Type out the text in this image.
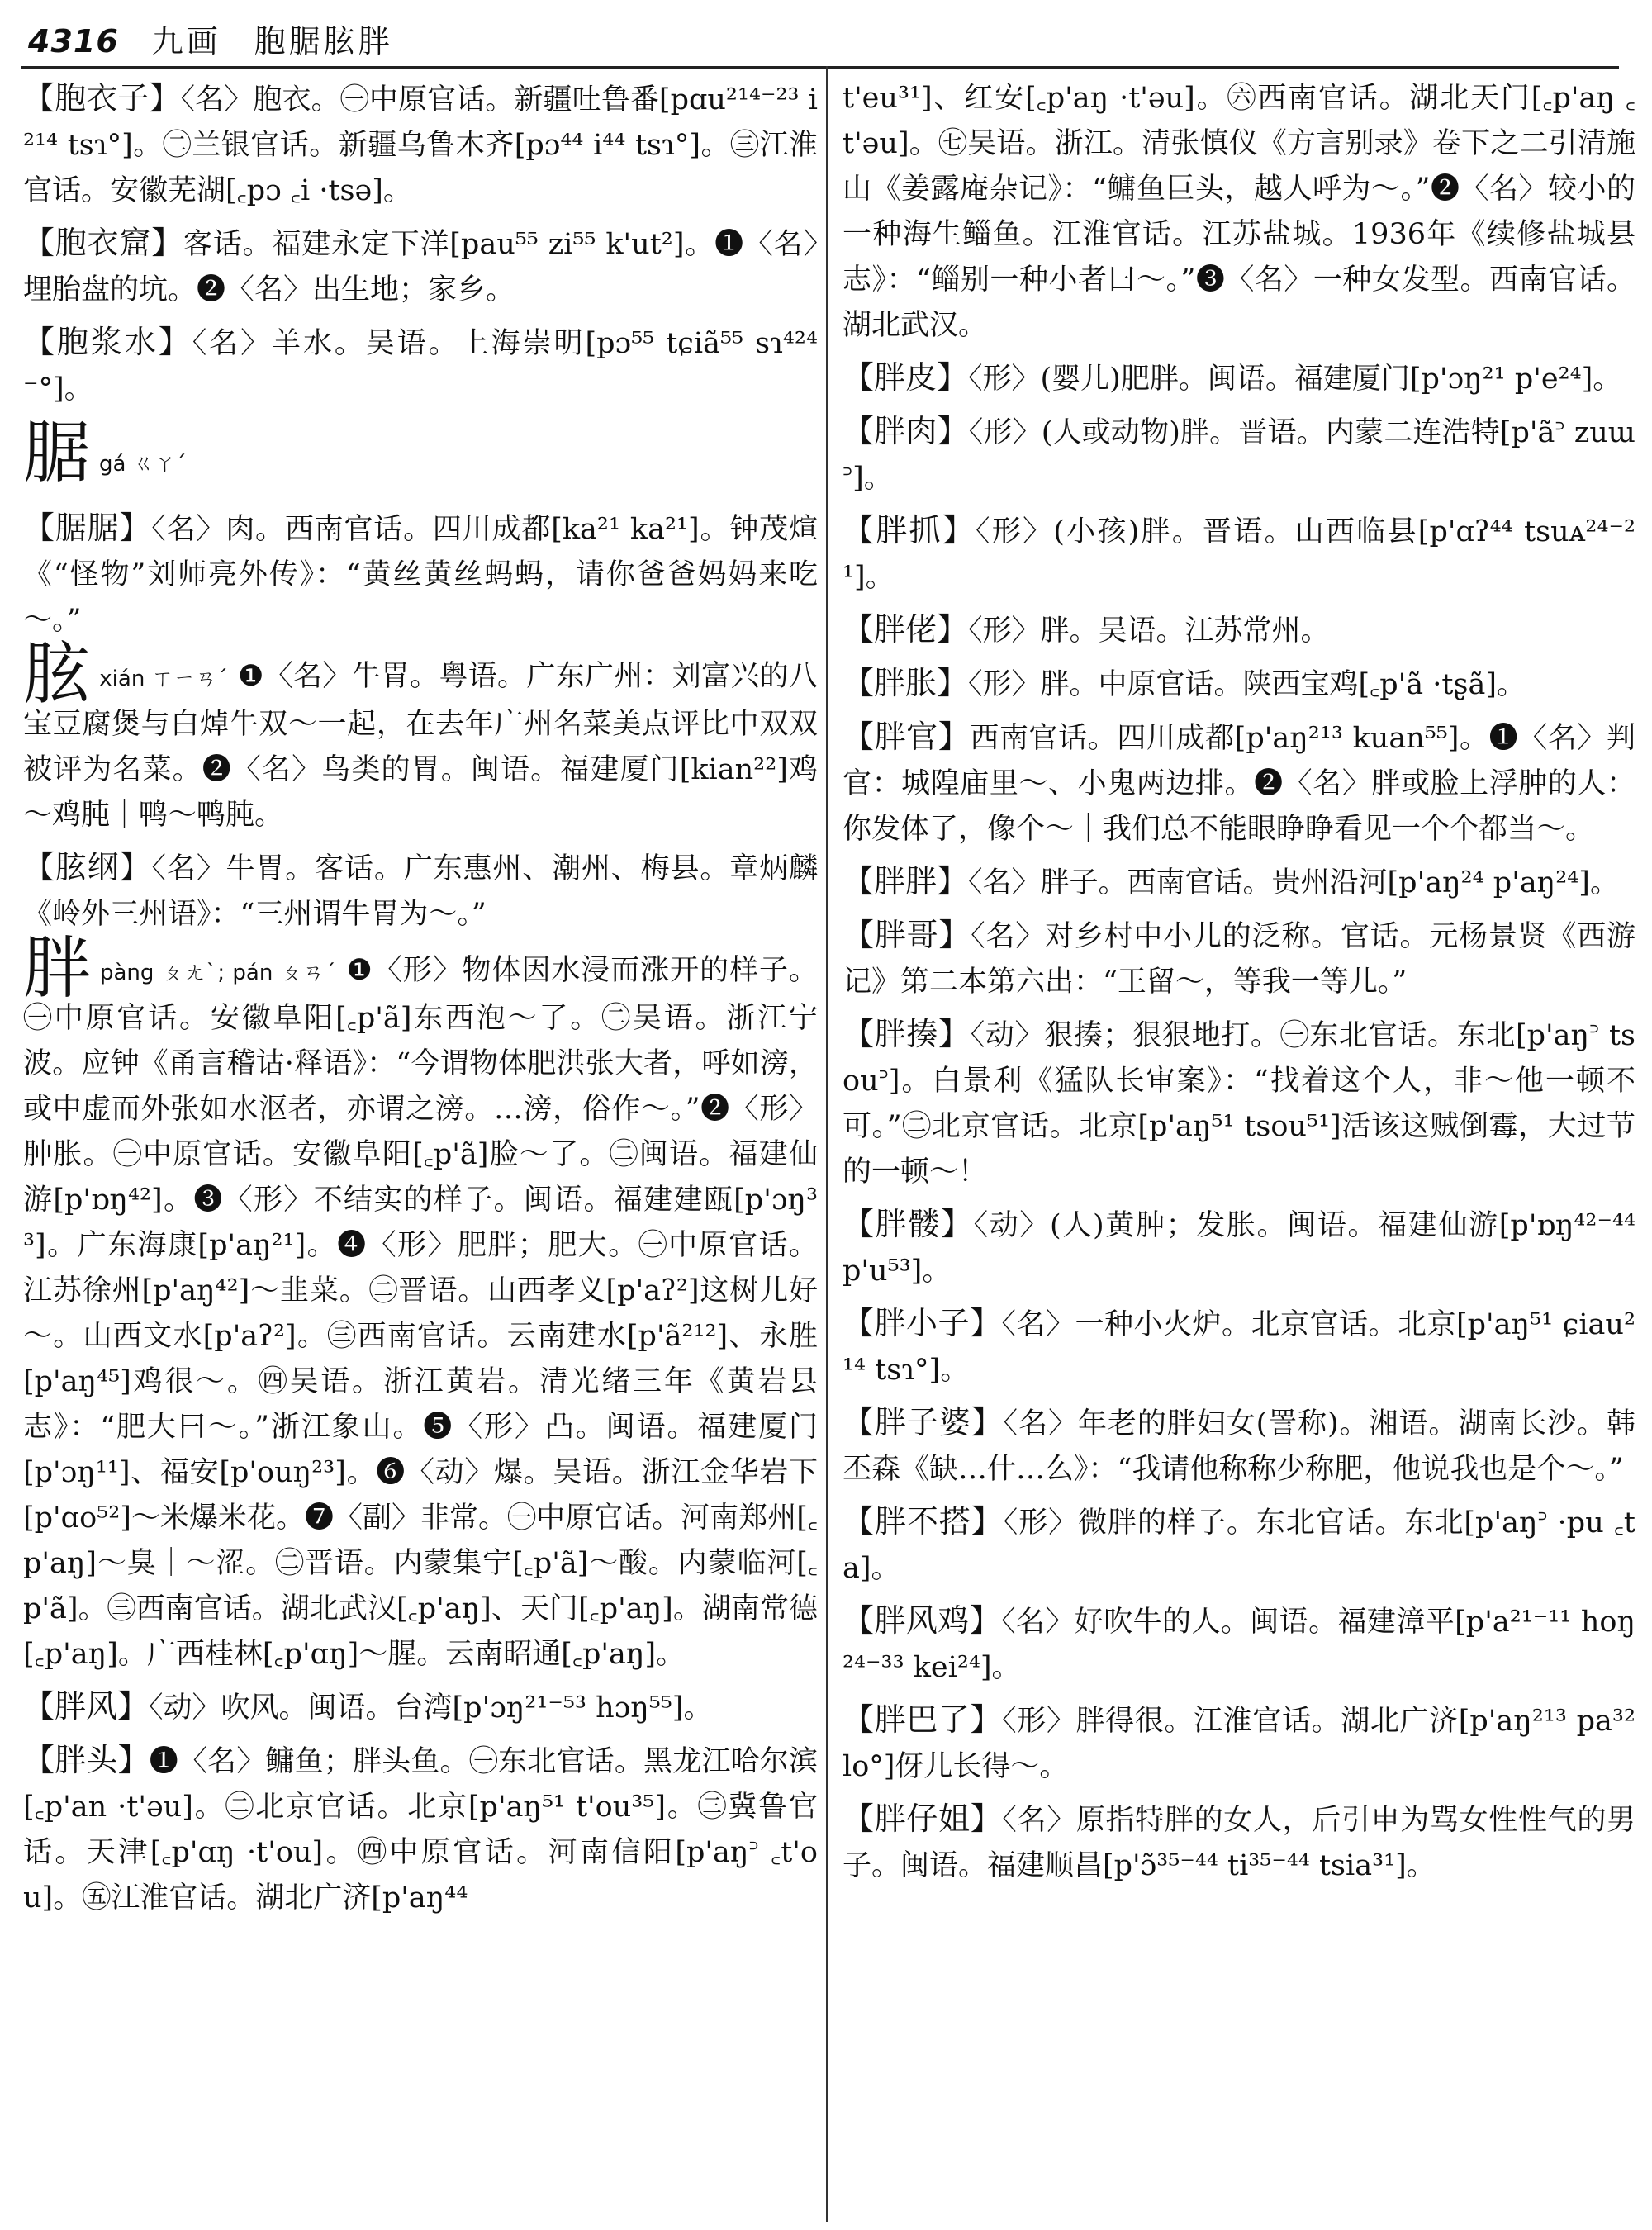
4316 九画 胞腒胘胖
【胞衣子】〈名〉胞衣。㊀中原官话。新疆吐鲁番[pɑu²¹⁴⁻²³ i²¹⁴ tsɿ°]。㊁兰银官话。新疆乌鲁木齐[pɔ⁴⁴ i⁴⁴ tsɿ°]。㊂江淮官话。安徽芜湖[꜀pɔ ꜀i ·tsə]。
【胞衣窟】客话。福建永定下洋[pau⁵⁵ zi⁵⁵ k'ut²]。❶〈名〉埋胎盘的坑。❷〈名〉出生地；家乡。
【胞浆水】〈名〉羊水。吴语。上海崇明[pɔ⁵⁵ tɕiã⁵⁵ sɿ⁴²⁴⁻°]。
腒gá ㄍㄚˊ
【腒腒】〈名〉肉。西南官话。四川成都[ka²¹ ka²¹]。钟茂煊《“怪物”刘师亮外传》：“黄丝黄丝蚂蚂，请你爸爸妈妈来吃～。”
胘xián ㄒㄧㄢˊ ❶〈名〉牛胃。粤语。广东广州：刘富兴的八宝豆腐煲与白焯牛双～一起，在去年广州名菜美点评比中双双被评为名菜。❷〈名〉鸟类的胃。闽语。福建厦门[kian²²]鸡～鸡肫｜鸭～鸭肫。
【胘纲】〈名〉牛胃。客话。广东惠州、潮州、梅县。章炳麟《岭外三州语》：“三州谓牛胃为～。”
胖pàng ㄆㄤˋ; pán ㄆㄢˊ ❶〈形〉物体因水浸而涨开的样子。㊀中原官话。安徽阜阳[꜀p'ã]东西泡～了。㊁吴语。浙江宁波。应钟《甬言稽诂·释语》：“今谓物体肥洪张大者，呼如滂，或中虚而外张如水沤者，亦谓之滂。…滂，俗作～。”❷〈形〉肿胀。㊀中原官话。安徽阜阳[꜀p'ã]脸～了。㊁闽语。福建仙游[p'ɒŋ⁴²]。❸〈形〉不结实的样子。闽语。福建建瓯[p'ɔŋ³³]。广东海康[p'aŋ²¹]。❹〈形〉肥胖；肥大。㊀中原官话。江苏徐州[p'aŋ⁴²]～韭菜。㊁晋语。山西孝义[p'aʔ²]这树儿好～。山西文水[p'aʔ²]。㊂西南官话。云南建水[p'ã²¹²]、永胜[p'aŋ⁴⁵]鸡很～。㊃吴语。浙江黄岩。清光绪三年《黄岩县志》：“肥大曰～。”浙江象山。❺〈形〉凸。闽语。福建厦门[p'ɔŋ¹¹]、福安[p'ouŋ²³]。❻〈动〉爆。吴语。浙江金华岩下[p'ɑo⁵²]～米爆米花。❼〈副〉非常。㊀中原官话。河南郑州[꜀p'aŋ]～臭｜～涩。㊁晋语。内蒙集宁[꜀p'ã]～酸。内蒙临河[꜀p'ã]。㊂西南官话。湖北武汉[꜀p'aŋ]、天门[꜀p'aŋ]。湖南常德[꜀p'aŋ]。广西桂林[꜀p'ɑŋ]～腥。云南昭通[꜀p'aŋ]。
【胖风】〈动〉吹风。闽语。台湾[p'ɔŋ²¹⁻⁵³ hɔŋ⁵⁵]。
【胖头】❶〈名〉鳙鱼；胖头鱼。㊀东北官话。黑龙江哈尔滨[꜀p'an ·t'əu]。㊁北京官话。北京[p'aŋ⁵¹ t'ou³⁵]。㊂冀鲁官话。天津[꜀p'ɑŋ ·t'ou]。㊃中原官话。河南信阳[p'aŋ꜄ ꜀t'ou]。㊄江淮官话。湖北广济[p'aŋ⁴⁴
t'eu³¹]、红安[꜀p'aŋ ·t'əu]。㊅西南官话。湖北天门[꜀p'aŋ ꜀t'əu]。㊆吴语。浙江。清张慎仪《方言别录》卷下之二引清施山《姜露庵杂记》：“鳙鱼巨头，越人呼为～。”❷〈名〉较小的一种海生鲻鱼。江淮官话。江苏盐城。1936年《续修盐城县志》：“鲻别一种小者曰～。”❸〈名〉一种女发型。西南官话。湖北武汉。
【胖皮】〈形〉(婴儿)肥胖。闽语。福建厦门[p'ɔŋ²¹ p'e²⁴]。
【胖肉】〈形〉(人或动物)胖。晋语。内蒙二连浩特[p'ã꜄ zuɯ꜄]。
【胖抓】〈形〉(小孩)胖。晋语。山西临县[p'ɑʔ⁴⁴ tsuᴀ²⁴⁻²¹]。
【胖佬】〈形〉胖。吴语。江苏常州。
【胖胀】〈形〉胖。中原官话。陕西宝鸡[꜀p'ã ·tʂã]。
【胖官】西南官话。四川成都[p'aŋ²¹³ kuan⁵⁵]。❶〈名〉判官：城隍庙里～、小鬼两边排。❷〈名〉胖或脸上浮肿的人：你发体了，像个～｜我们总不能眼睁睁看见一个个都当～。
【胖胖】〈名〉胖子。西南官话。贵州沿河[p'aŋ²⁴ p'aŋ²⁴]。
【胖哥】〈名〉对乡村中小儿的泛称。官话。元杨景贤《西游记》第二本第六出：“王留～，等我一等儿。”
【胖揍】〈动〉狠揍；狠狠地打。㊀东北官话。东北[p'aŋ꜄ tsou꜄]。白景利《猛队长审案》：“找着这个人，非～他一顿不可。”㊁北京官话。北京[p'aŋ⁵¹ tsou⁵¹]活该这贼倒霉，大过节的一顿～！
【胖髅】〈动〉(人)黄肿；发胀。闽语。福建仙游[p'ɒŋ⁴²⁻⁴⁴ p'u⁵³]。
【胖小子】〈名〉一种小火炉。北京官话。北京[p'aŋ⁵¹ ɕiau²¹⁴ tsɿ°]。
【胖子婆】〈名〉年老的胖妇女(詈称)。湘语。湖南长沙。韩丕森《缺…什…么》：“我请他称称少称肥，他说我也是个～。”
【胖不搭】〈形〉微胖的样子。东北官话。东北[p'aŋ꜄ ·pu ꜀ta]。
【胖风鸡】〈名〉好吹牛的人。闽语。福建漳平[p'a²¹⁻¹¹ hoŋ²⁴⁻³³ kei²⁴]。
【胖巴了】〈形〉胖得很。江淮官话。湖北广济[p'aŋ²¹³ pa³² lo°]伢儿长得～。
【胖仔姐】〈名〉原指特胖的女人，后引申为骂女性性气的男子。闽语。福建顺昌[p'ɔ̃³⁵⁻⁴⁴ ti³⁵⁻⁴⁴ tsia³¹]。
